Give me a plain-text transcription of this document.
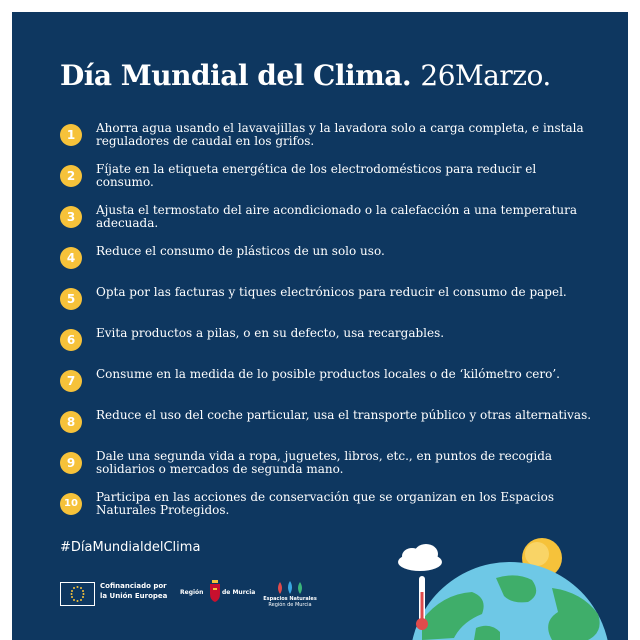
Día Mundial del Clima. 26Marzo.
1	Ahorra agua usando el lavavajillas y la lavadora solo a carga completa, e instala reguladores de caudal en los grifos.
2	Fíjate en la etiqueta energética de los electrodomésticos para reducir el consumo.
3	Ajusta el termostato del aire acondicionado o la calefacción a una temperatura adecuada.
4	Reduce el consumo de plásticos de un solo uso.
5	Opta por las facturas y tiques electrónicos para reducir el consumo de papel.
6	Evita productos a pilas, o en su defecto, usa recargables.
7	Consume en la medida de lo posible productos locales o de ‘kilómetro cero’.
8	Reduce el uso del coche particular, usa el transporte público y otras alternativas.
9	Dale una segunda vida a ropa, juguetes, libros, etc., en puntos de recogida solidarios o mercados de segunda mano.
10	Participa en las acciones de conservación que se organizan en los Espacios Naturales Protegidos.
#DíaMundialdelClima
Cofinanciado por
la Unión Europea Región	de Murcia
Espacios Naturales
Región de Murcia
